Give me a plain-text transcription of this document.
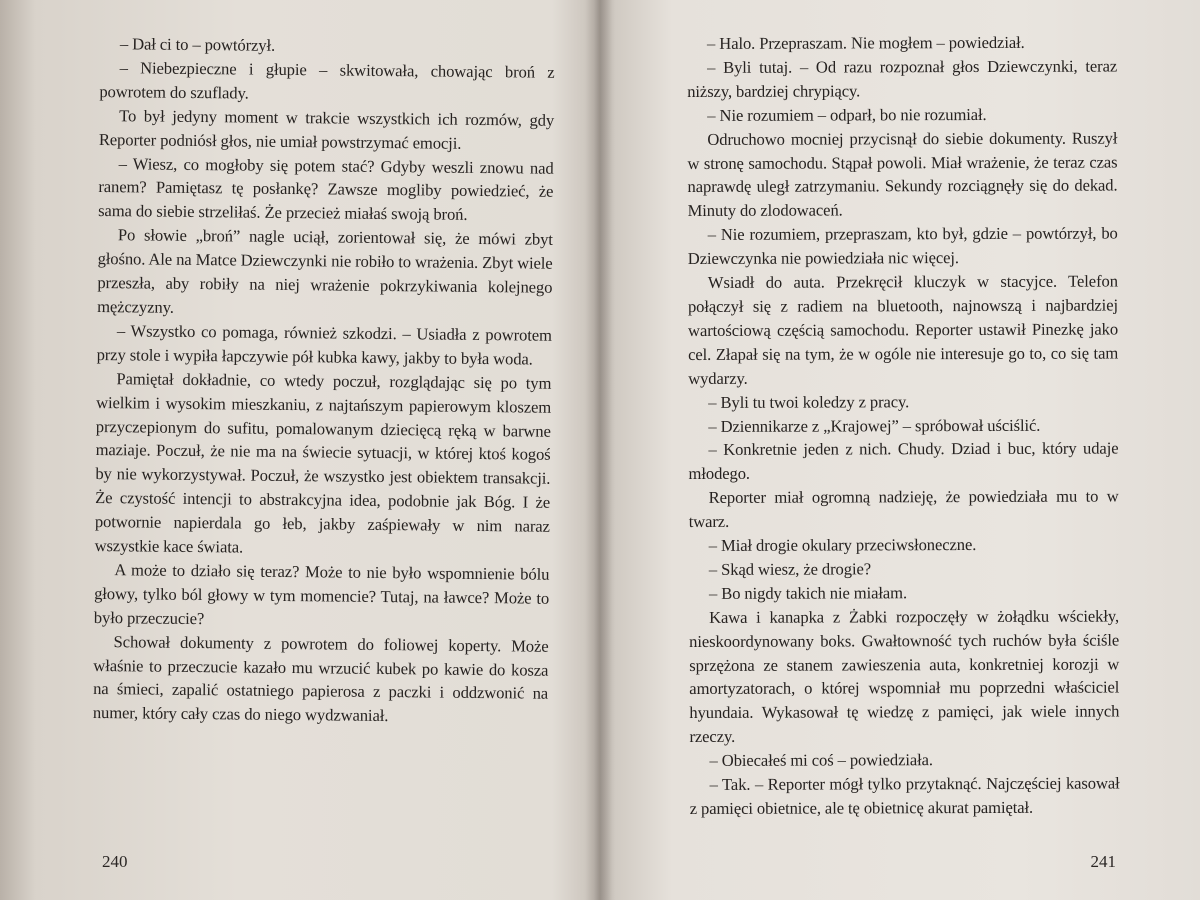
– Dał ci to – powtórzył.

– Niebezpieczne i głupie – skwitowała, chowając broń z powrotem do szuflady.

To był jedyny moment w trakcie wszystkich ich rozmów, gdy Reporter podniósł głos, nie umiał powstrzymać emocji.

– Wiesz, co mogłoby się potem stać? Gdyby weszli znowu nad ranem? Pamiętasz tę posłankę? Zawsze mogliby powiedzieć, że sama do siebie strzeliłaś. Że przecież miałaś swoją broń.

Po słowie „broń” nagle uciął, zorientował się, że mówi zbyt głośno. Ale na Matce Dziewczynki nie robiło to wrażenia. Zbyt wiele przeszła, aby robiły na niej wrażenie pokrzykiwania kolejnego mężczyzny.

– Wszystko co pomaga, również szkodzi. – Usiadła z powrotem przy stole i wypiła łapczywie pół kubka kawy, jakby to była woda.

Pamiętał dokładnie, co wtedy poczuł, rozglądając się po tym wielkim i wysokim mieszkaniu, z najtańszym papierowym kloszem przyczepionym do sufitu, pomalowanym dziecięcą ręką w barwne maziaje. Poczuł, że nie ma na świecie sytuacji, w której ktoś kogoś by nie wykorzystywał. Poczuł, że wszystko jest obiektem transakcji. Że czystość intencji to abstrakcyjna idea, podobnie jak Bóg. I że potwornie napierdala go łeb, jakby zaśpiewały w nim naraz wszystkie kace świata.

A może to działo się teraz? Może to nie było wspomnienie bólu głowy, tylko ból głowy w tym momencie? Tutaj, na ławce? Może to było przeczucie?

Schował dokumenty z powrotem do foliowej koperty. Może właśnie to przeczucie kazało mu wrzucić kubek po kawie do kosza na śmieci, zapalić ostatniego papierosa z paczki i oddzwonić na numer, który cały czas do niego wydzwaniał.

240

– Halo. Przepraszam. Nie mogłem – powiedział.

– Byli tutaj. – Od razu rozpoznał głos Dziewczynki, teraz niższy, bardziej chrypiący.

– Nie rozumiem – odparł, bo nie rozumiał.

Odruchowo mocniej przycisnął do siebie dokumenty. Ruszył w stronę samochodu. Stąpał powoli. Miał wrażenie, że teraz czas naprawdę uległ zatrzymaniu. Sekundy rozciągnęły się do dekad. Minuty do zlodowaceń.

– Nie rozumiem, przepraszam, kto był, gdzie – powtórzył, bo Dziewczynka nie powiedziała nic więcej.

Wsiadł do auta. Przekręcił kluczyk w stacyjce. Telefon połączył się z radiem na bluetooth, najnowszą i najbardziej wartościową częścią samochodu. Reporter ustawił Pinezkę jako cel. Złapał się na tym, że w ogóle nie interesuje go to, co się tam wydarzy.

– Byli tu twoi koledzy z pracy.

– Dziennikarze z „Krajowej” – spróbował uściślić.

– Konkretnie jeden z nich. Chudy. Dziad i buc, który udaje młodego.

Reporter miał ogromną nadzieję, że powiedziała mu to w twarz.

– Miał drogie okulary przeciwsłoneczne.

– Skąd wiesz, że drogie?

– Bo nigdy takich nie miałam.

Kawa i kanapka z Żabki rozpoczęły w żołądku wściekły, nieskoordynowany boks. Gwałtowność tych ruchów była ściśle sprzężona ze stanem zawieszenia auta, konkretniej korozji w amortyzatorach, o której wspomniał mu poprzedni właściciel hyundaia. Wykasował tę wiedzę z pamięci, jak wiele innych rzeczy.

– Obiecałeś mi coś – powiedziała.

– Tak. – Reporter mógł tylko przytaknąć. Najczęściej kasował z pamięci obietnice, ale tę obietnicę akurat pamiętał.

241
